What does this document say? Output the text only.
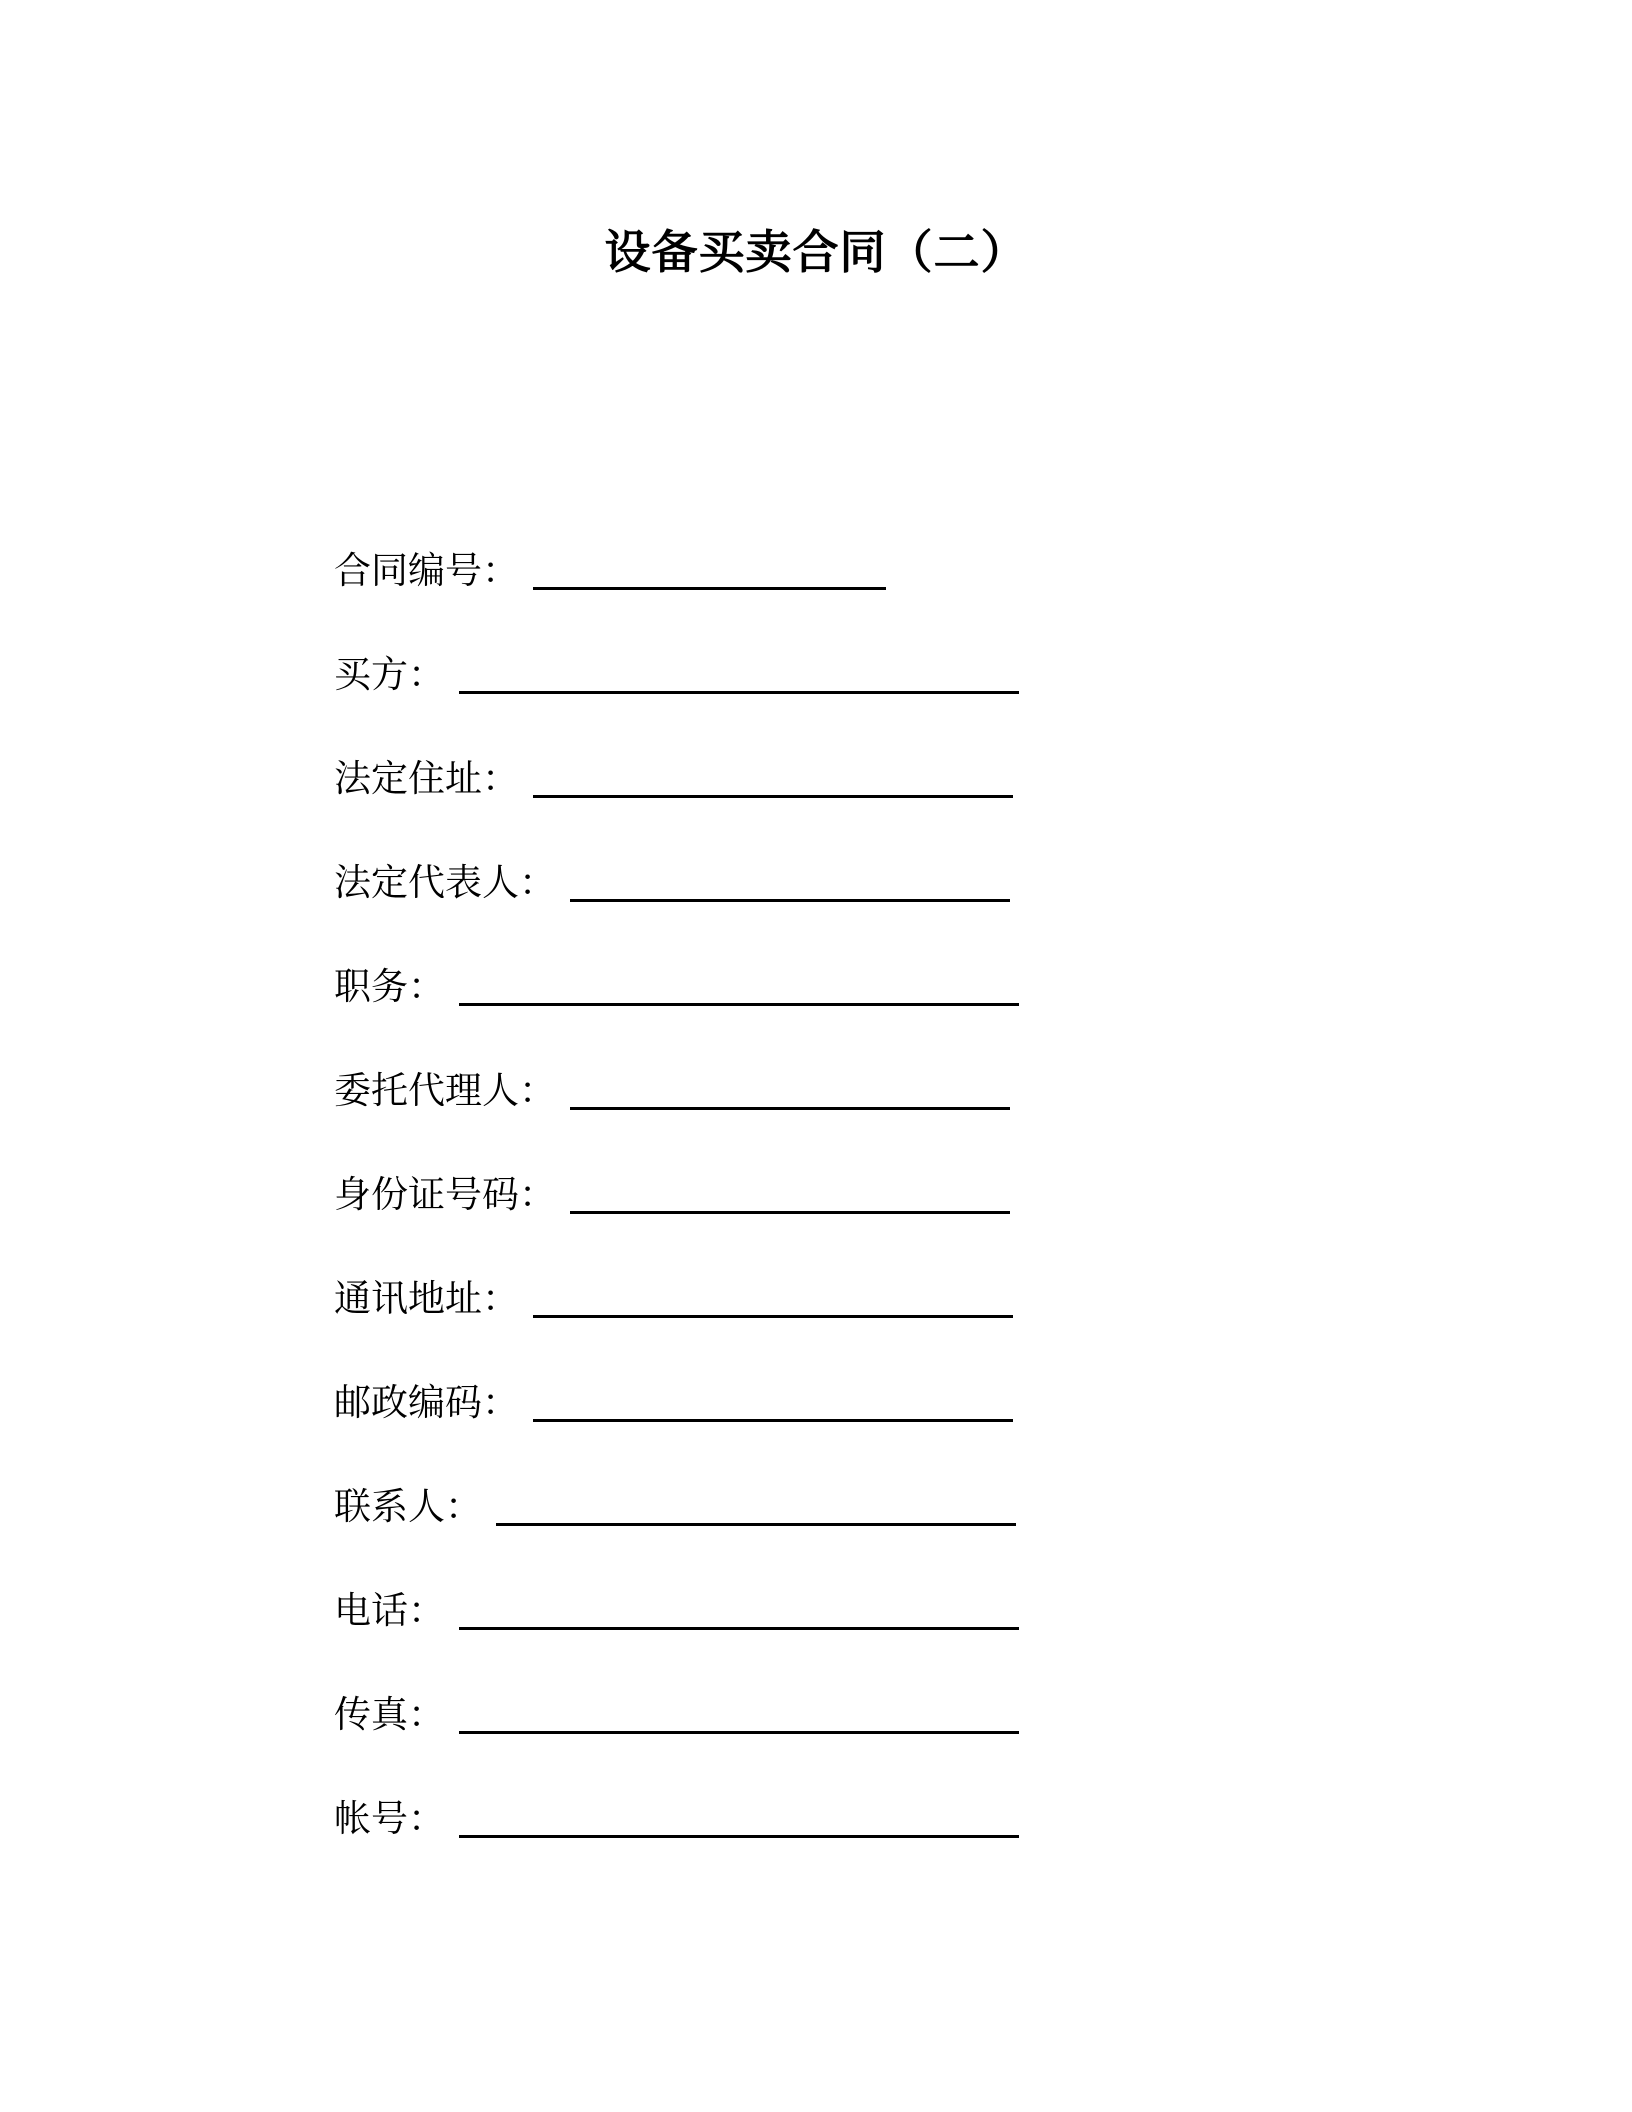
设备买卖合同（二）
合同编号：
买方：
法定住址：
法定代表人：
职务：
委托代理人：
身份证号码：
通讯地址：
邮政编码：
联系人：
电话：
传真：
帐号：
